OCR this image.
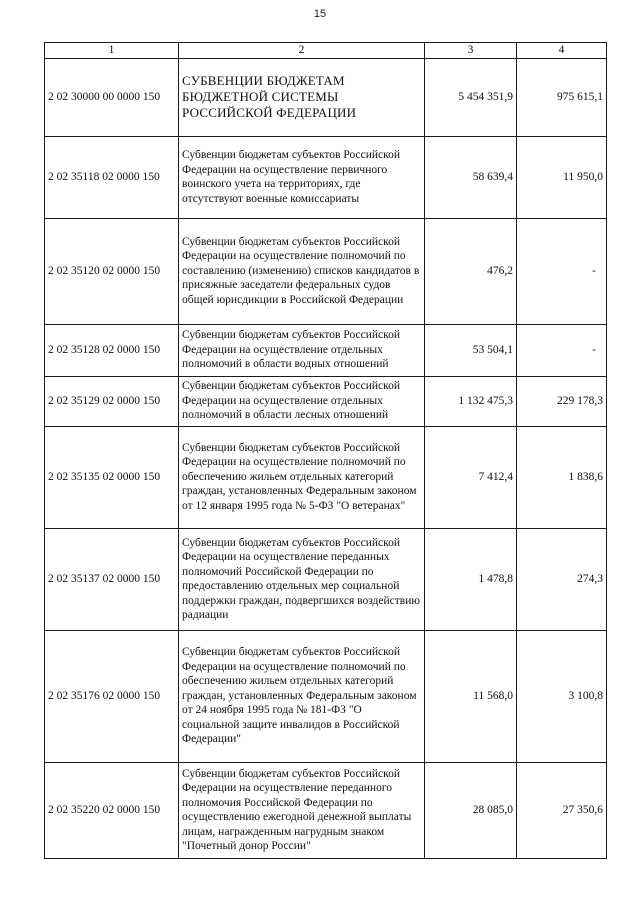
15
1	2	3	4
2 02 30000 00 0000 150	СУБВЕНЦИИ БЮДЖЕТАМ БЮДЖЕТНОЙ СИСТЕМЫ РОССИЙСКОЙ ФЕДЕРАЦИИ	5 454 351,9	975 615,1
2 02 35118 02 0000 150	Субвенции бюджетам субъектов Российской Федерации на осуществление первичного воинского учета на территориях, где отсутствуют военные комиссариаты	58 639,4	11 950,0
2 02 35120 02 0000 150	Субвенции бюджетам субъектов Российской Федерации на осуществление полномочий по составлению (изменению) списков кандидатов в присяжные заседатели федеральных судов общей юрисдикции в Российской Федерации	476,2	-
2 02 35128 02 0000 150	Субвенции бюджетам субъектов Российской Федерации на осуществление отдельных полномочий в области водных отношений	53 504,1	-
2 02 35129 02 0000 150	Субвенции бюджетам субъектов Российской Федерации на осуществление отдельных полномочий в области лесных отношений	1 132 475,3	229 178,3
2 02 35135 02 0000 150	Субвенции бюджетам субъектов Российской Федерации на осуществление полномочий по обеспечению жильем отдельных категорий граждан, установленных Федеральным законом от 12 января 1995 года № 5-ФЗ "О ветеранах"	7 412,4	1 838,6
2 02 35137 02 0000 150	Субвенции бюджетам субъектов Российской Федерации на осуществление переданных полномочий Российской Федерации по предоставлению отдельных мер социальной поддержки граждан, подвергшихся воздействию радиации	1 478,8	274,3
2 02 35176 02 0000 150	Субвенции бюджетам субъектов Российской Федерации на осуществление полномочий по обеспечению жильем отдельных категорий граждан, установленных Федеральным законом от 24 ноября 1995 года № 181-ФЗ "О социальной защите инвалидов в Российской Федерации"	11 568,0	3 100,8
2 02 35220 02 0000 150	Субвенции бюджетам субъектов Российской Федерации на осуществление переданного полномочия Российской Федерации по осуществлению ежегодной денежной выплаты лицам, награжденным нагрудным знаком "Почетный донор России"	28 085,0	27 350,6
